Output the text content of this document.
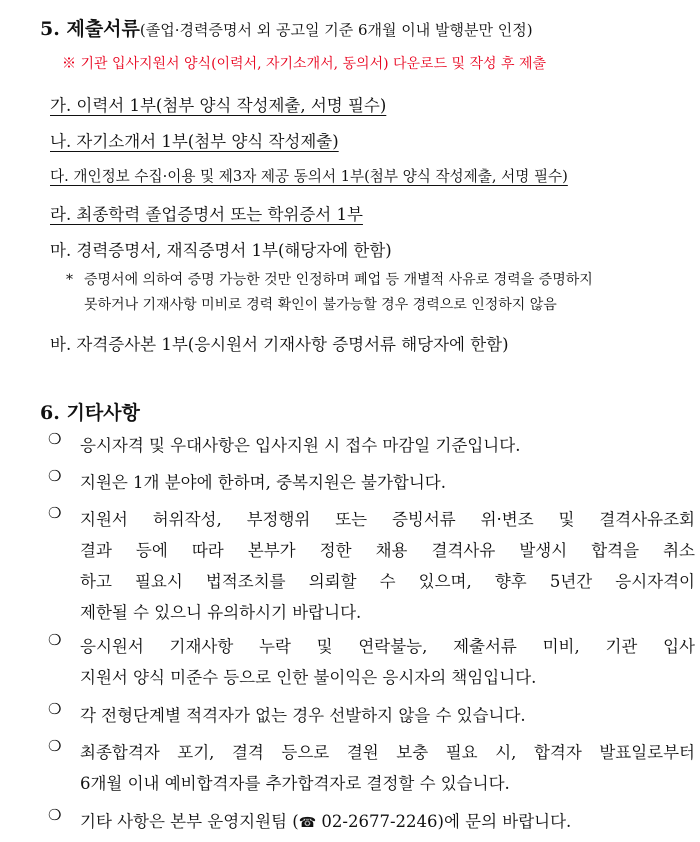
5. 제출서류(졸업·경력증명서 외 공고일 기준 6개월 이내 발행분만 인정)
※ 기관 입사지원서 양식(이력서, 자기소개서, 동의서) 다운로드 및 작성 후 제출
가. 이력서 1부(첨부 양식 작성제출, 서명 필수)
나. 자기소개서 1부(첨부 양식 작성제출)
다. 개인정보 수집·이용 및 제3자 제공 동의서 1부(첨부 양식 작성제출, 서명 필수)
라. 최종학력 졸업증명서 또는 학위증서 1부
마. 경력증명서, 재직증명서 1부(해당자에 한함)
* 증명서에 의하여 증명 가능한 것만 인정하며 폐업 등 개별적 사유로 경력을 증명하지
못하거나 기재사항 미비로 경력 확인이 불가능할 경우 경력으로 인정하지 않음
바. 자격증사본 1부(응시원서 기재사항 증명서류 해당자에 한함)
6. 기타사항
❍	응시자격 및 우대사항은 입사지원 시 접수 마감일 기준입니다.
❍	지원은 1개 분야에 한하며, 중복지원은 불가합니다.
❍	지원서 허위작성, 부정행위 또는 증빙서류 위·변조 및 결격사유조회
결과 등에 따라 본부가 정한 채용 결격사유 발생시 합격을 취소
하고 필요시 법적조치를 의뢰할 수 있으며, 향후 5년간 응시자격이
제한될 수 있으니 유의하시기 바랍니다.
❍	응시원서 기재사항 누락 및 연락불능, 제출서류 미비, 기관 입사
지원서 양식 미준수 등으로 인한 불이익은 응시자의 책임입니다.
❍	각 전형단계별 적격자가 없는 경우 선발하지 않을 수 있습니다.
❍	최종합격자 포기, 결격 등으로 결원 보충 필요 시, 합격자 발표일로부터
6개월 이내 예비합격자를 추가합격자로 결정할 수 있습니다.
❍	기타 사항은 본부 운영지원팀 (☎ 02-2677-2246)에 문의 바랍니다.
